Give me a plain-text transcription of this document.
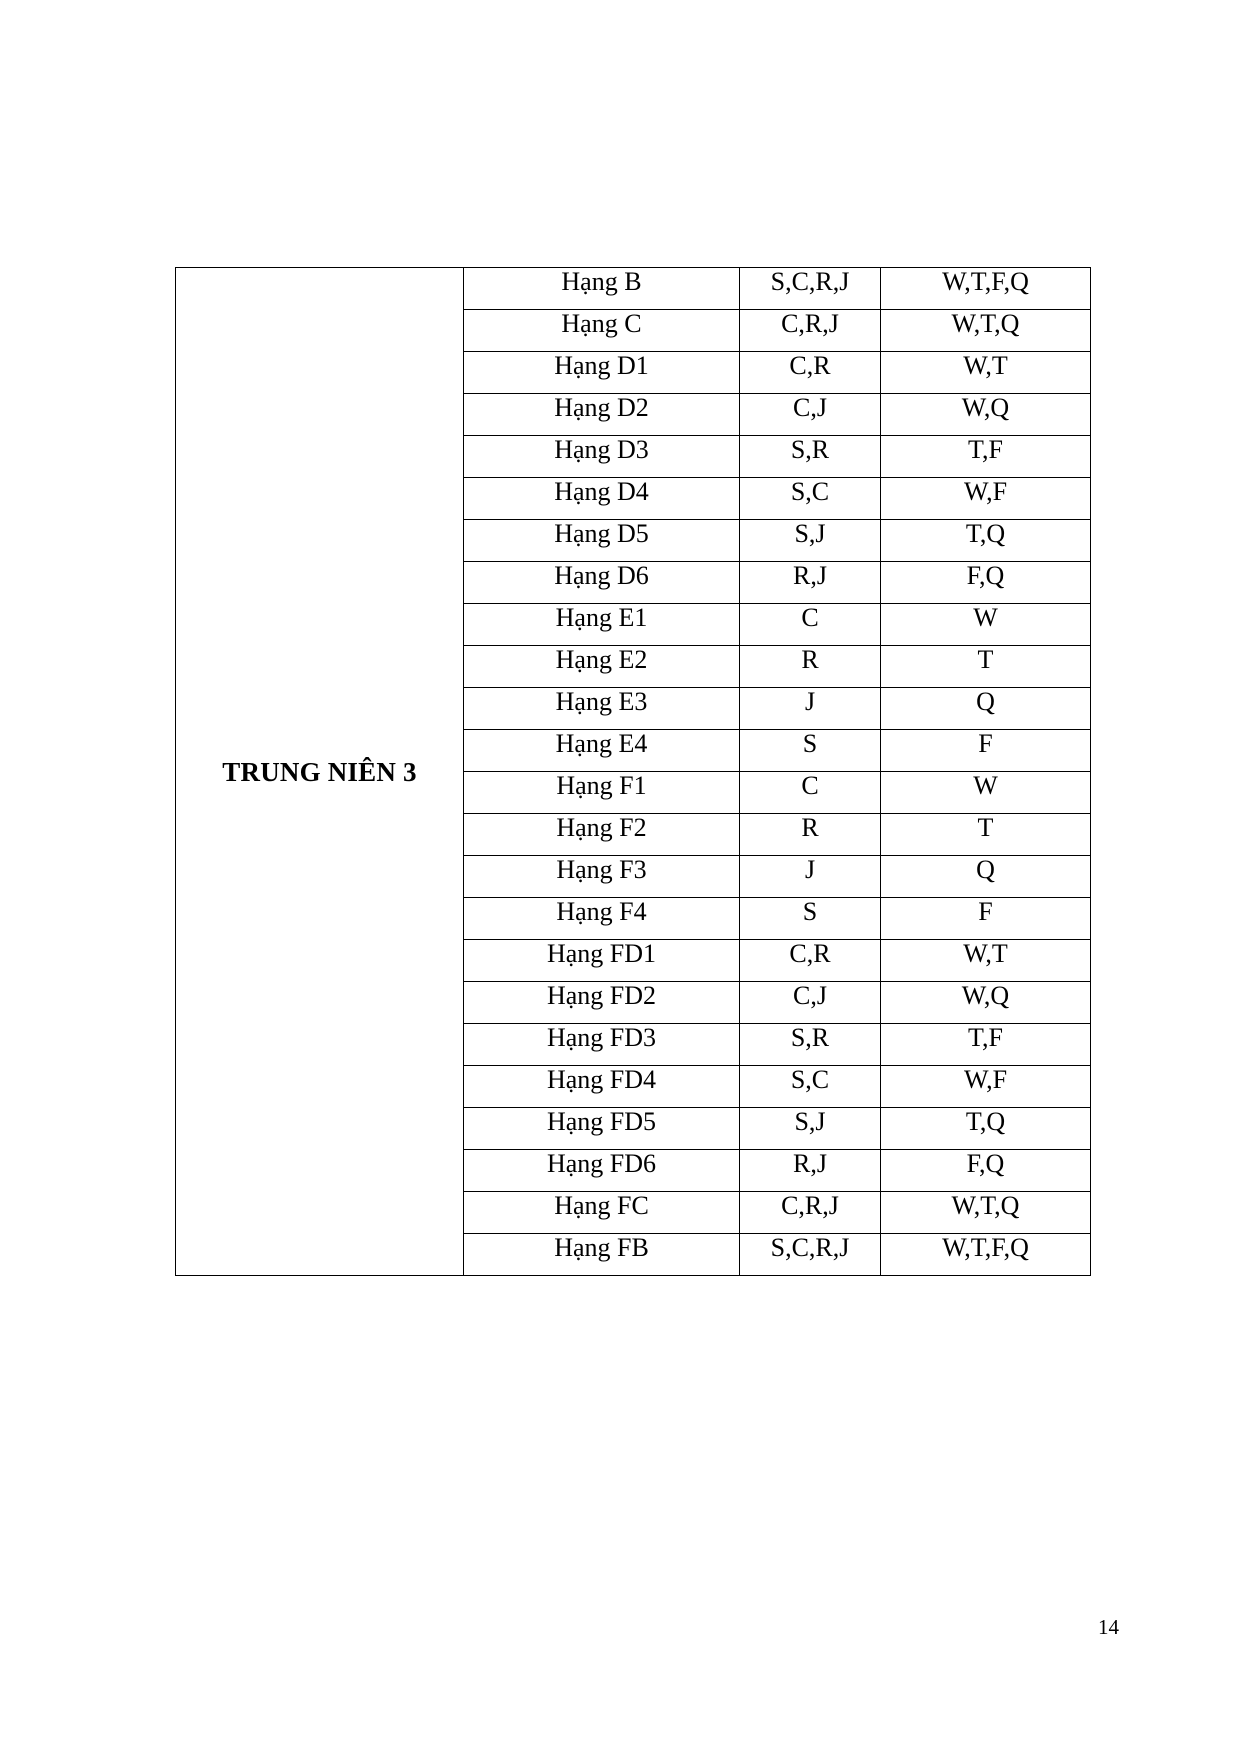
TRUNG NIÊN 3	Hạng B	S,C,R,J	W,T,F,Q
	Hạng C	C,R,J	W,T,Q
	Hạng D1	C,R	W,T
	Hạng D2	C,J	W,Q
	Hạng D3	S,R	T,F
	Hạng D4	S,C	W,F
	Hạng D5	S,J	T,Q
	Hạng D6	R,J	F,Q
	Hạng E1	C	W
	Hạng E2	R	T
	Hạng E3	J	Q
	Hạng E4	S	F
	Hạng F1	C	W
	Hạng F2	R	T
	Hạng F3	J	Q
	Hạng F4	S	F
	Hạng FD1	C,R	W,T
	Hạng FD2	C,J	W,Q
	Hạng FD3	S,R	T,F
	Hạng FD4	S,C	W,F
	Hạng FD5	S,J	T,Q
	Hạng FD6	R,J	F,Q
	Hạng FC	C,R,J	W,T,Q
	Hạng FB	S,C,R,J	W,T,F,Q
14
